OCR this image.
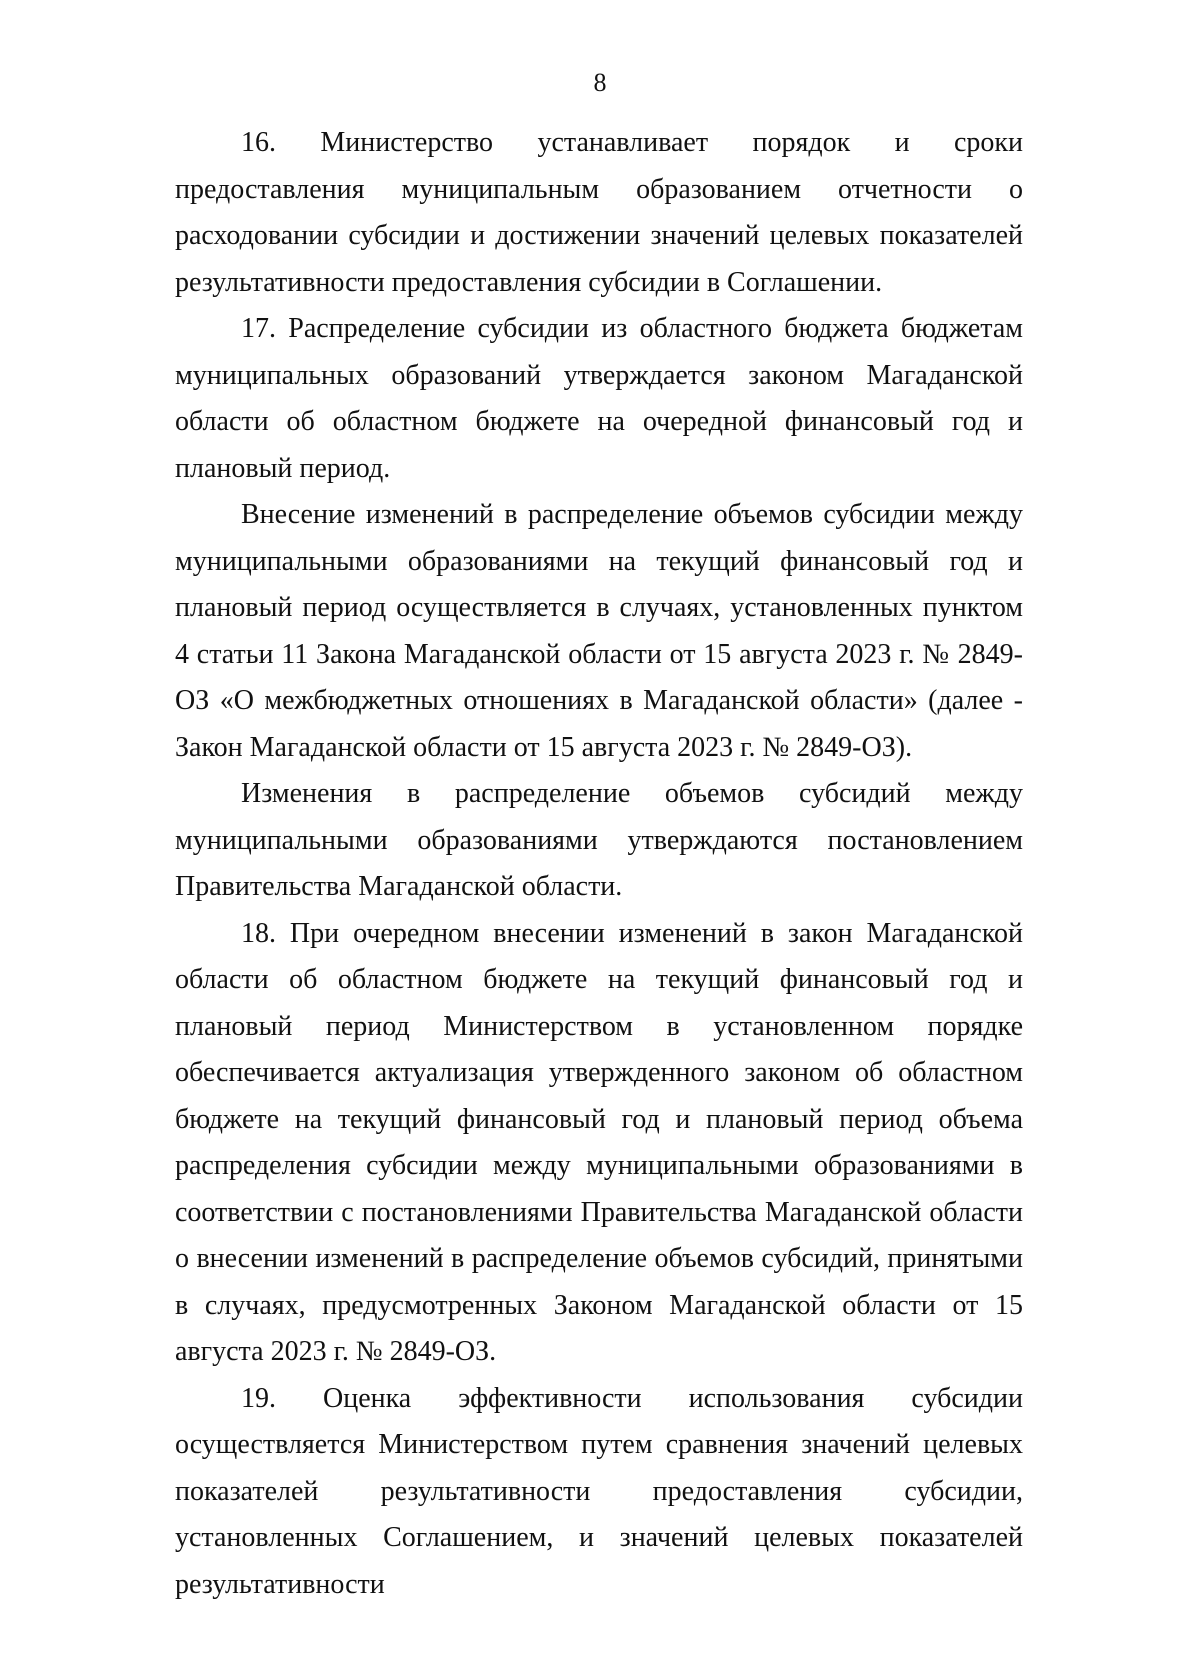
8

16. Министерство устанавливает порядок и сроки предоставления муниципальным образованием отчетности о расходовании субсидии и достижении значений целевых показателей результативности предоставления субсидии в Соглашении.

17. Распределение субсидии из областного бюджета бюджетам муниципальных образований утверждается законом Магаданской области об областном бюджете на очередной финансовый год и плановый период.

Внесение изменений в распределение объемов субсидии между муниципальными образованиями на текущий финансовый год и плановый период осуществляется в случаях, установленных пунктом 4 статьи 11 Закона Магаданской области от 15 августа 2023 г. № 2849-ОЗ «О межбюджетных отношениях в Магаданской области» (далее - Закон Магаданской области от 15 августа 2023 г. № 2849-ОЗ).

Изменения в распределение объемов субсидий между муниципальными образованиями утверждаются постановлением Правительства Магаданской области.

18. При очередном внесении изменений в закон Магаданской области об областном бюджете на текущий финансовый год и плановый период Министерством в установленном порядке обеспечивается актуализация утвержденного законом об областном бюджете на текущий финансовый год и плановый период объема распределения субсидии между муниципальными образованиями в соответствии с постановлениями Правительства Магаданской области о внесении изменений в распределение объемов субсидий, принятыми в случаях, предусмотренных Законом Магаданской области от 15 августа 2023 г. № 2849-ОЗ.

19. Оценка эффективности использования субсидии осуществляется Министерством путем сравнения значений целевых показателей результативности предоставления субсидии, установленных Соглашением, и значений целевых показателей результативности
